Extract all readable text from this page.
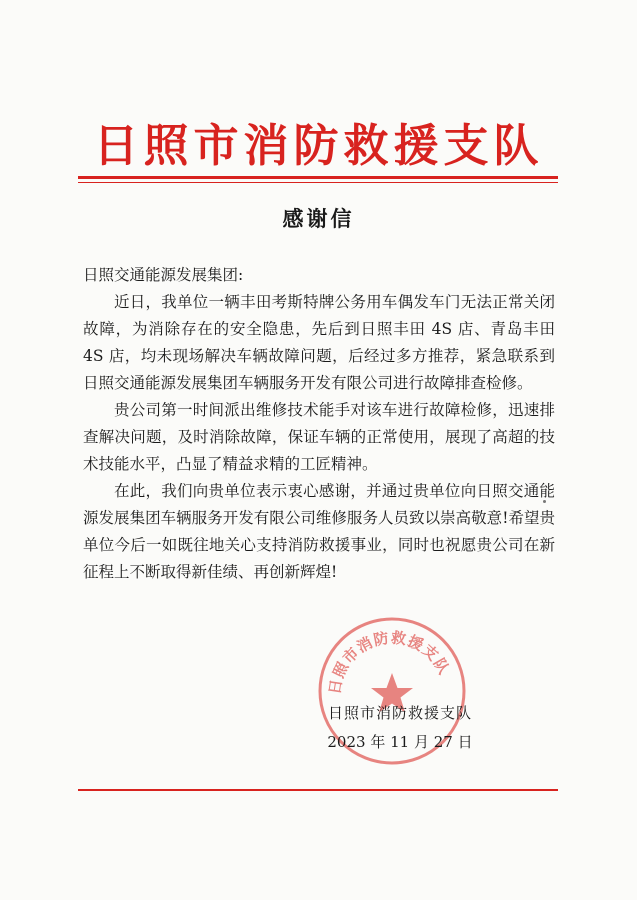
日照市消防救援支队
感谢信

日照交通能源发展集团:

近日，我单位一辆丰田考斯特牌公务用车偶发车门无法正常关闭故障，为消除存在的安全隐患，先后到日照丰田 4S 店、青岛丰田 4S 店，均未现场解决车辆故障问题，后经过多方推荐，紧急联系到日照交通能源发展集团车辆服务开发有限公司进行故障排查检修。

贵公司第一时间派出维修技术能手对该车进行故障检修，迅速排查解决问题，及时消除故障，保证车辆的正常使用，展现了高超的技术技能水平，凸显了精益求精的工匠精神。

在此，我们向贵单位表示衷心感谢，并通过贵单位向日照交通能源发展集团车辆服务开发有限公司维修服务人员致以崇高敬意!希望贵单位今后一如既往地关心支持消防救援事业，同时也祝愿贵公司在新征程上不断取得新佳绩、再创新辉煌!

日照市消防救援支队
日照市消防救援支队
2023 年 11 月 27 日
